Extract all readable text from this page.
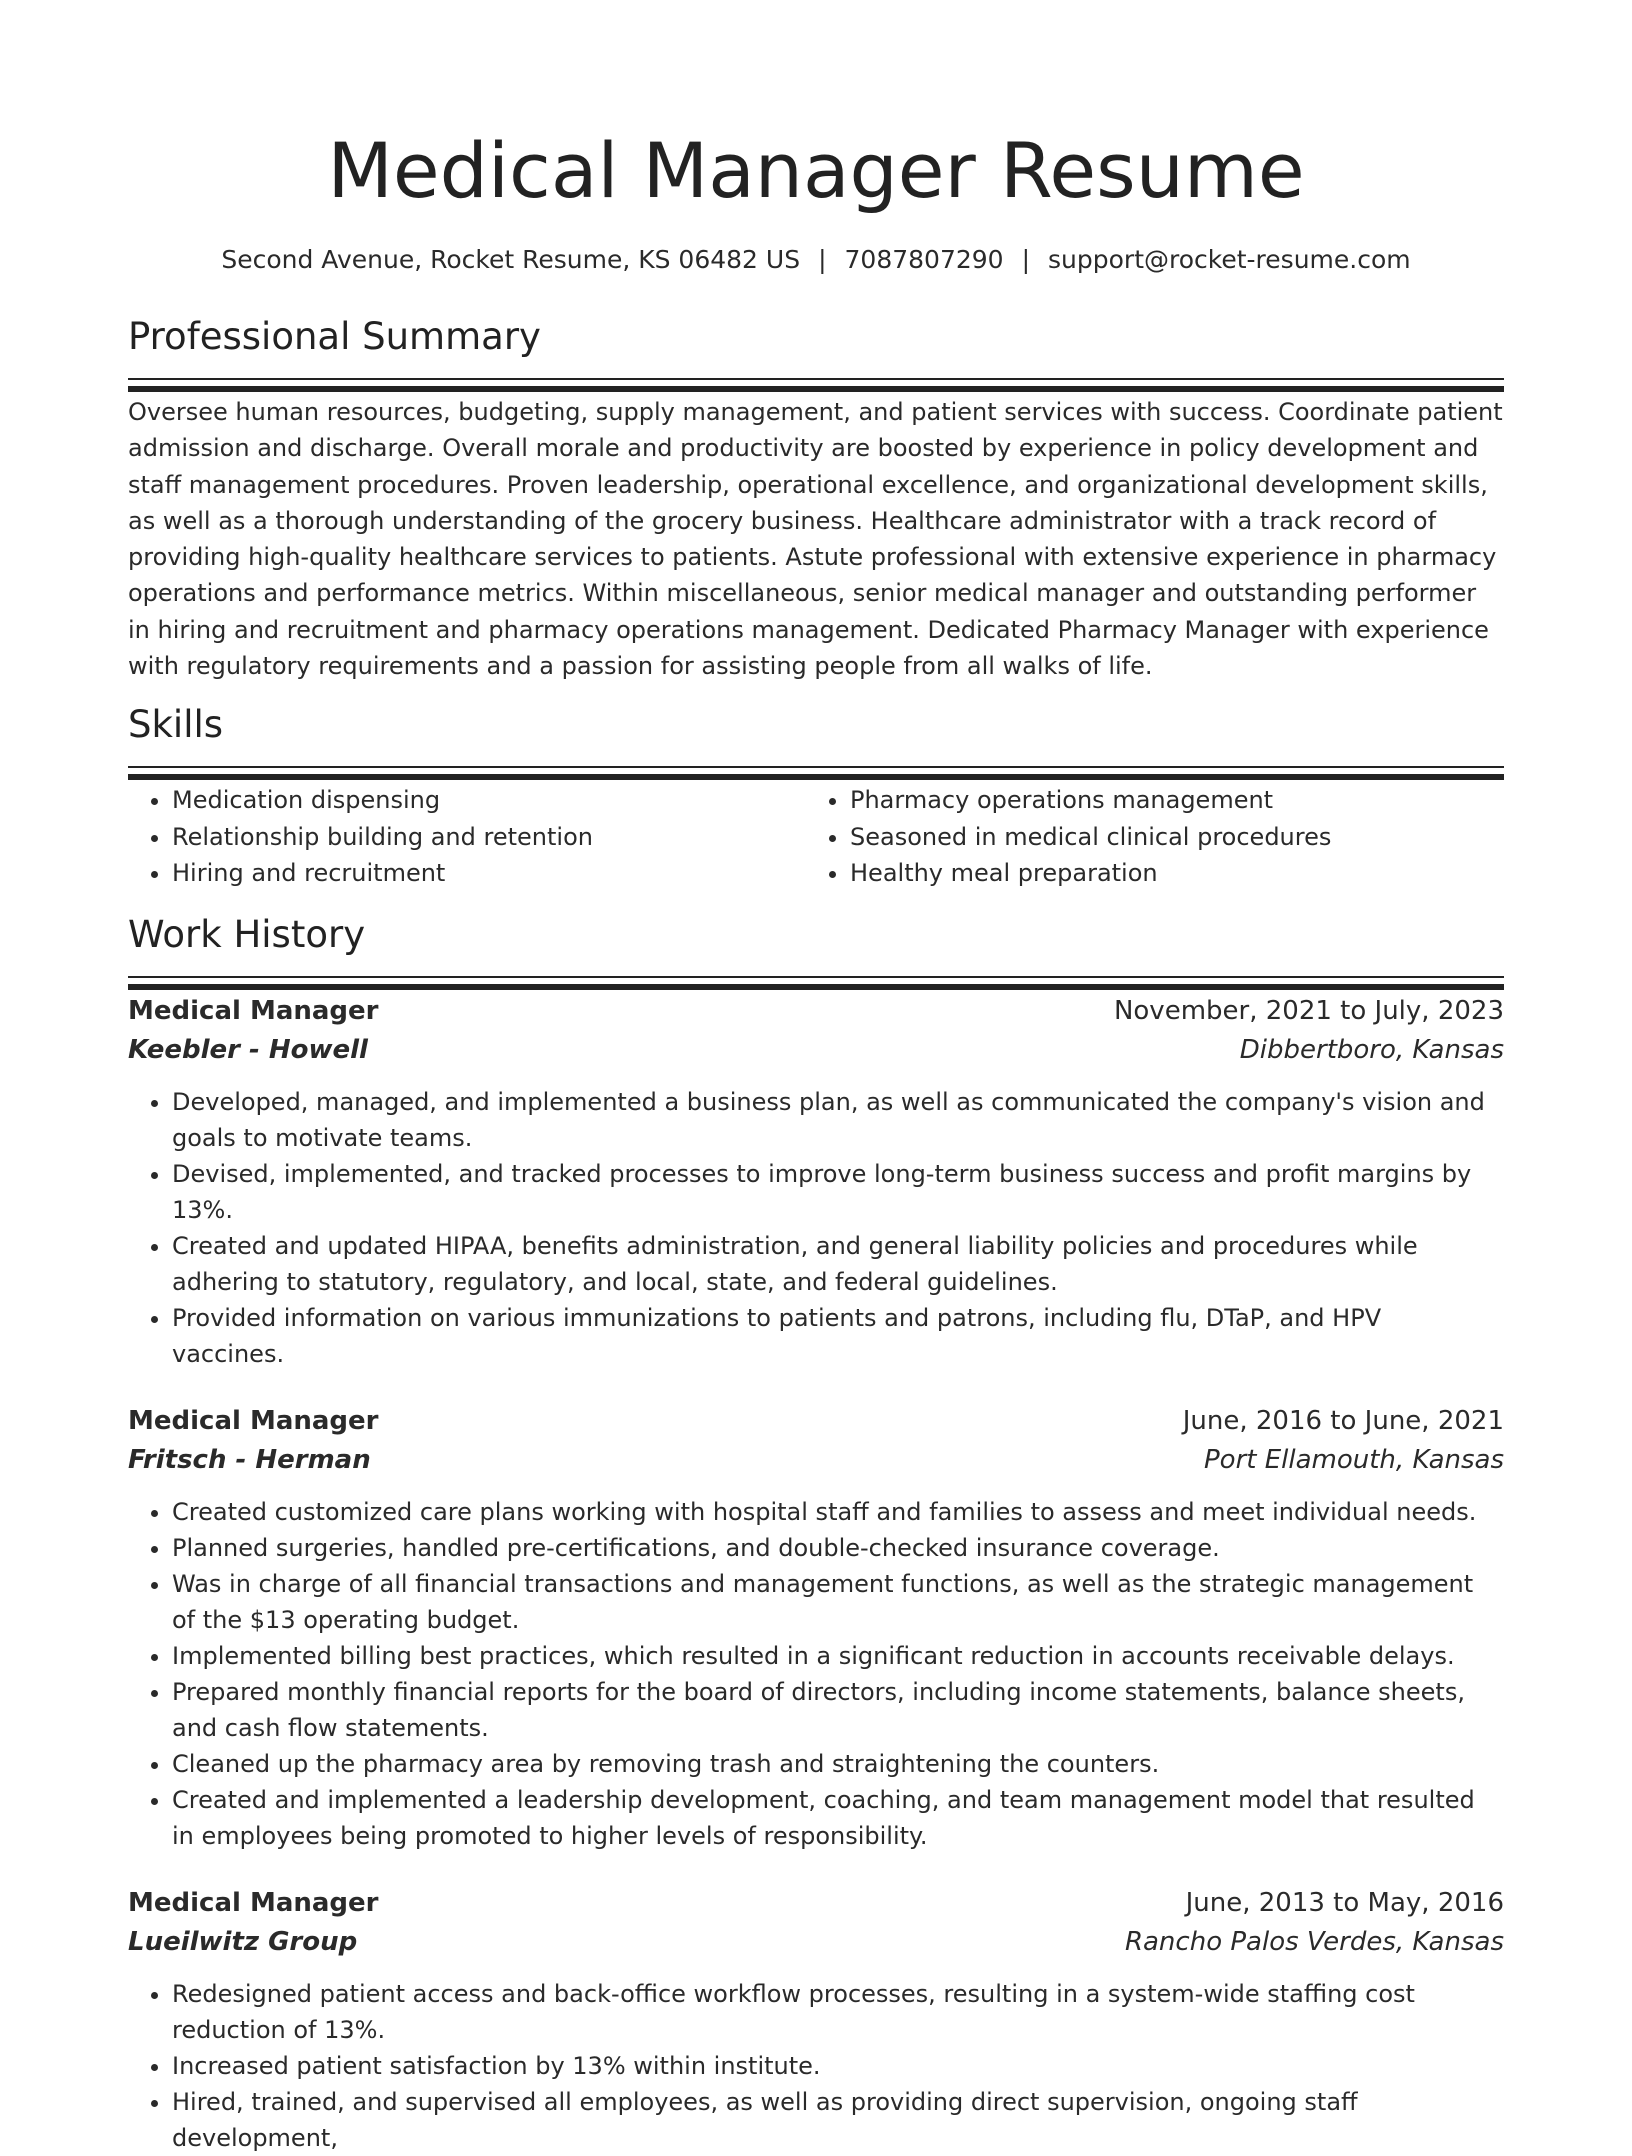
Medical Manager Resume
Second Avenue, Rocket Resume, KS 06482 US | 7087807290 | support@rocket-resume.com
Professional Summary

Oversee human resources, budgeting, supply management, and patient services with success. Coordinate patient admission and discharge. Overall morale and productivity are boosted by experience in policy development and staff management procedures. Proven leadership, operational excellence, and organizational development skills, as well as a thorough understanding of the grocery business. Healthcare administrator with a track record of providing high-quality healthcare services to patients. Astute professional with extensive experience in pharmacy operations and performance metrics. Within miscellaneous, senior medical manager and outstanding performer in hiring and recruitment and pharmacy operations management. Dedicated Pharmacy Manager with experience with regulatory requirements and a passion for assisting people from all walks of life.

Skills
• Medication dispensing
• Relationship building and retention
• Hiring and recruitment
• Pharmacy operations management
• Seasoned in medical clinical procedures
• Healthy meal preparation
Work History
Medical Manager	November, 2021 to July, 2023
Keebler - Howell	Dibbertboro, Kansas
• Developed, managed, and implemented a business plan, as well as communicated the company's vision and goals to motivate teams.
• Devised, implemented, and tracked processes to improve long-term business success and profit margins by 13%.
• Created and updated HIPAA, benefits administration, and general liability policies and procedures while adhering to statutory, regulatory, and local, state, and federal guidelines.
• Provided information on various immunizations to patients and patrons, including flu, DTaP, and HPV vaccines.
Medical Manager	June, 2016 to June, 2021
Fritsch - Herman	Port Ellamouth, Kansas
• Created customized care plans working with hospital staff and families to assess and meet individual needs.
• Planned surgeries, handled pre-certifications, and double-checked insurance coverage.
• Was in charge of all financial transactions and management functions, as well as the strategic management of the $13 operating budget.
• Implemented billing best practices, which resulted in a significant reduction in accounts receivable delays.
• Prepared monthly financial reports for the board of directors, including income statements, balance sheets, and cash flow statements.
• Cleaned up the pharmacy area by removing trash and straightening the counters.
• Created and implemented a leadership development, coaching, and team management model that resulted in employees being promoted to higher levels of responsibility.
Medical Manager	June, 2013 to May, 2016
Lueilwitz Group	Rancho Palos Verdes, Kansas
• Redesigned patient access and back-office workflow processes, resulting in a system-wide staffing cost reduction of 13%.
• Increased patient satisfaction by 13% within institute.
• Hired, trained, and supervised all employees, as well as providing direct supervision, ongoing staff development,
